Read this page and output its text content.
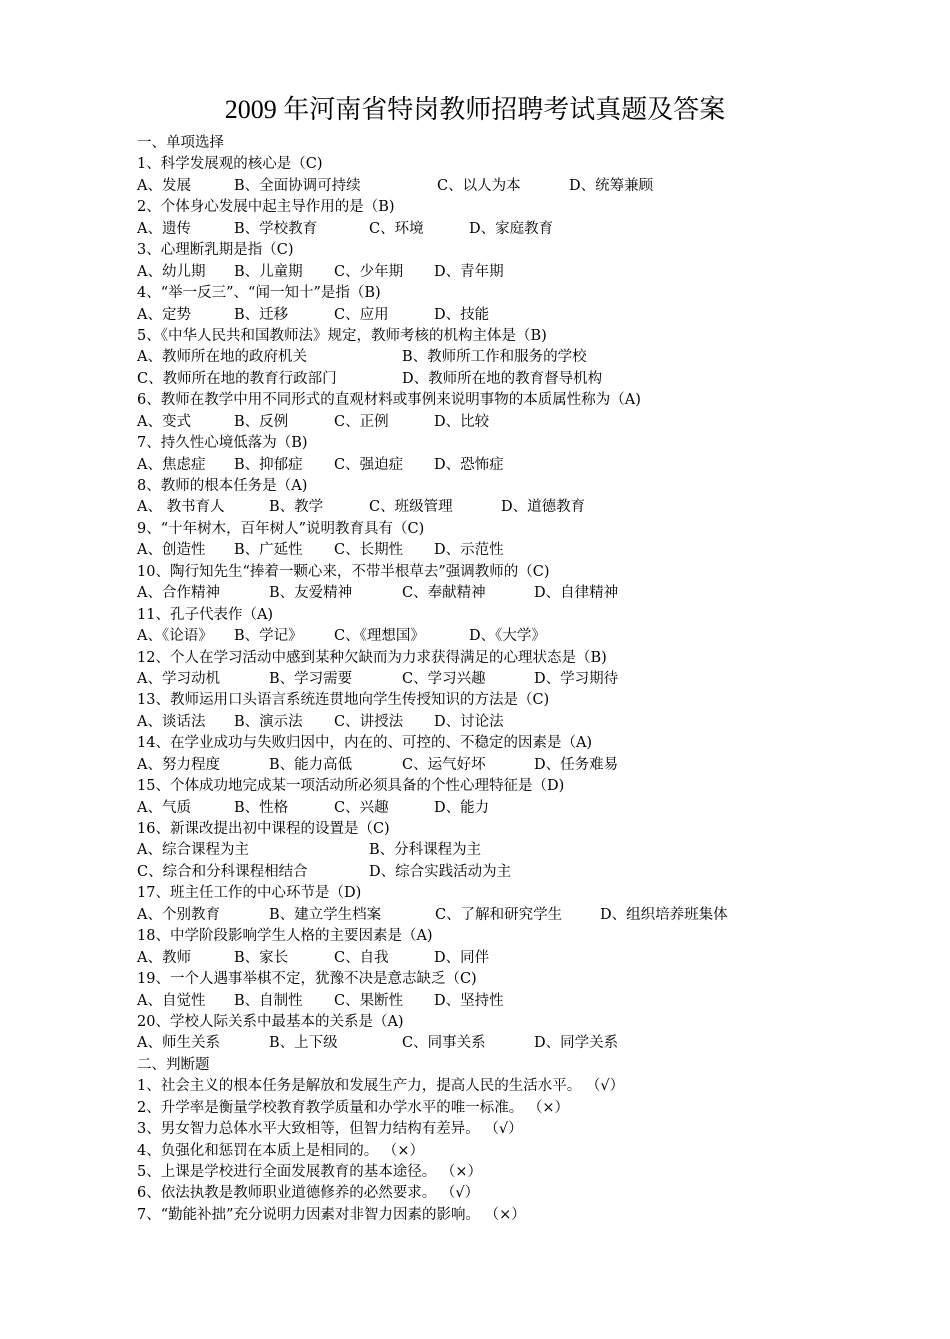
2009 年河南省特岗教师招聘考试真题及答案
一、单项选择
1、科学发展观的核心是（C)
A、发展	B、全面协调可持续	C、以人为本	D、统筹兼顾
2、个体身心发展中起主导作用的是（B)
A、遗传	B、学校教育	C、环境	D、家庭教育
3、心理断乳期是指（C)
A、幼儿期 B、儿童期 C、少年期 D、青年期
4、“举一反三”、“闻一知十”是指（B)
A、定势	B、迁移	C、应用	D、技能
5、《中华人民共和国教师法》规定，教师考核的机构主体是（B)
A、教师所在地的政府机关	B、教师所工作和服务的学校
C、教师所在地的教育行政部门	D、教师所在地的教育督导机构
6、教师在教学中用不同形式的直观材料或事例来说明事物的本质属性称为（A)
A、变式	B、反例	C、正例	D、比较
7、持久性心境低落为（B)
A、焦虑症 B、抑郁症 C、强迫症 D、恐怖症
8、教师的根本任务是（A)
A、 教书育人	B、教学	C、班级管理	D、道德教育
9、“十年树木，百年树人”说明教育具有（C)
A、创造性 B、广延性 C、长期性 D、示范性
10、陶行知先生“捧着一颗心来，不带半根草去”强调教师的（C)
A、合作精神	B、友爱精神	C、奉献精神	D、自律精神
11、孔子代表作（A)
A、《论语》 B、学记》 C、《理想国》	D、《大学》
12、个人在学习活动中感到某种欠缺而为力求获得满足的心理状态是（B)
A、学习动机	B、学习需要	C、学习兴趣	D、学习期待
13、教师运用口头语言系统连贯地向学生传授知识的方法是（C)
A、谈话法 B、演示法 C、讲授法 D、讨论法
14、在学业成功与失败归因中，内在的、可控的、不稳定的因素是（A)
A、努力程度	B、能力高低	C、运气好坏	D、任务难易
15、个体成功地完成某一项活动所必须具备的个性心理特征是（D)
A、气质	B、性格	C、兴趣	D、能力
16、新课改提出初中课程的设置是（C)
A、综合课程为主	B、分科课程为主
C、综合和分科课程相结合	D、综合实践活动为主
17、班主任工作的中心环节是（D)
A、个别教育	B、建立学生档案	C、了解和研究学生	D、组织培养班集体
18、中学阶段影响学生人格的主要因素是（A)
A、教师	B、家长	C、自我	D、同伴
19、一个人遇事举棋不定，犹豫不决是意志缺乏（C)
A、自觉性 B、自制性 C、果断性 D、坚持性
20、学校人际关系中最基本的关系是（A)
A、师生关系	B、上下级	C、同事关系	D、同学关系
二、判断题
1、社会主义的根本任务是解放和发展生产力，提高人民的生活水平。 （√）
2、升学率是衡量学校教育教学质量和办学水平的唯一标准。 （×）
3、男女智力总体水平大致相等，但智力结构有差异。 （√）
4、负强化和惩罚在本质上是相同的。 （×）
5、上课是学校进行全面发展教育的基本途径。 （×）
6、依法执教是教师职业道德修养的必然要求。 （√）
7、“勤能补拙”充分说明力因素对非智力因素的影响。 （×）
